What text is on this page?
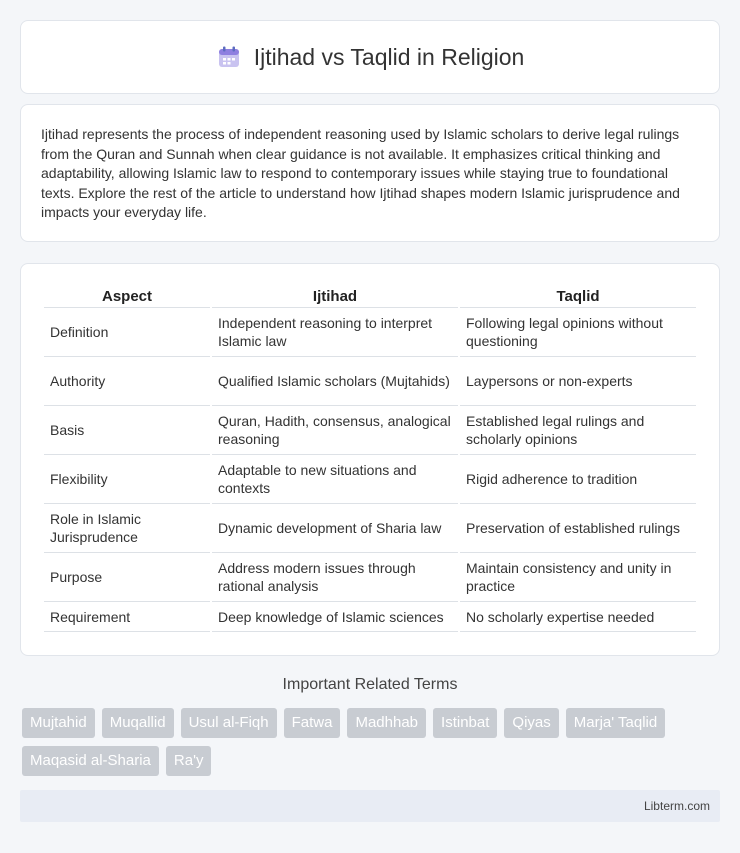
Ijtihad vs Taqlid in Religion

Ijtihad represents the process of independent reasoning used by Islamic scholars to derive legal rulings from the Quran and Sunnah when clear guidance is not available. It emphasizes critical thinking and adaptability, allowing Islamic law to respond to contemporary issues while staying true to foundational texts. Explore the rest of the article to understand how Ijtihad shapes modern Islamic jurisprudence and impacts your everyday life.

Aspect	Ijtihad	Taqlid
Definition	Independent reasoning to interpret Islamic law	Following legal opinions without questioning
Authority	Qualified Islamic scholars (Mujtahids)	Laypersons or non-experts
Basis	Quran, Hadith, consensus, analogical reasoning	Established legal rulings and scholarly opinions
Flexibility	Adaptable to new situations and contexts	Rigid adherence to tradition
Role in Islamic Jurisprudence	Dynamic development of Sharia law	Preservation of established rulings
Purpose	Address modern issues through rational analysis	Maintain consistency and unity in practice
Requirement	Deep knowledge of Islamic sciences	No scholarly expertise needed
Important Related Terms
Mujtahid	Muqallid	Usul al-Fiqh	Fatwa	Madhhab	Istinbat	Qiyas	Marja' Taqlid
Maqasid al-Sharia	Ra'y
Libterm.com
